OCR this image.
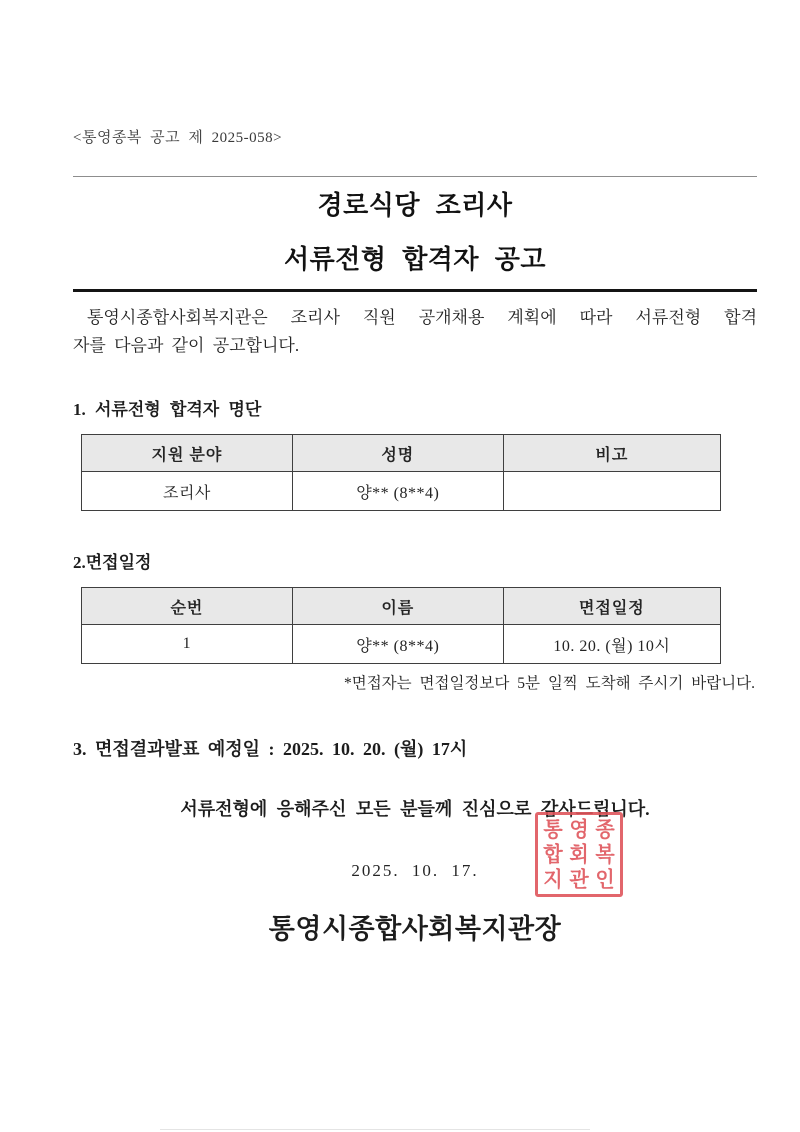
<통영종복 공고 제 2025-058>
경로식당 조리사
서류전형 합격자 공고
통영시종합사회복지관은 조리사 직원 공개채용 계획에 따라 서류전형 합격
자를 다음과 같이 공고합니다.
1. 서류전형 합격자 명단
지원 분야	성명	비고
조리사	양** (8**4)	
2.면접일정
순번	이름	면접일정
1	양** (8**4)	10. 20. (월) 10시
*면접자는 면접일정보다 5분 일찍 도착해 주시기 바랍니다.
3. 면접결과발표 예정일 : 2025. 10. 20. (월) 17시
서류전형에 응해주신 모든 분들께 진심으로 감사드립니다.
2025. 10. 17.
통영시종합사회복지관장
통 영 종
합 회 복
지 관 인
